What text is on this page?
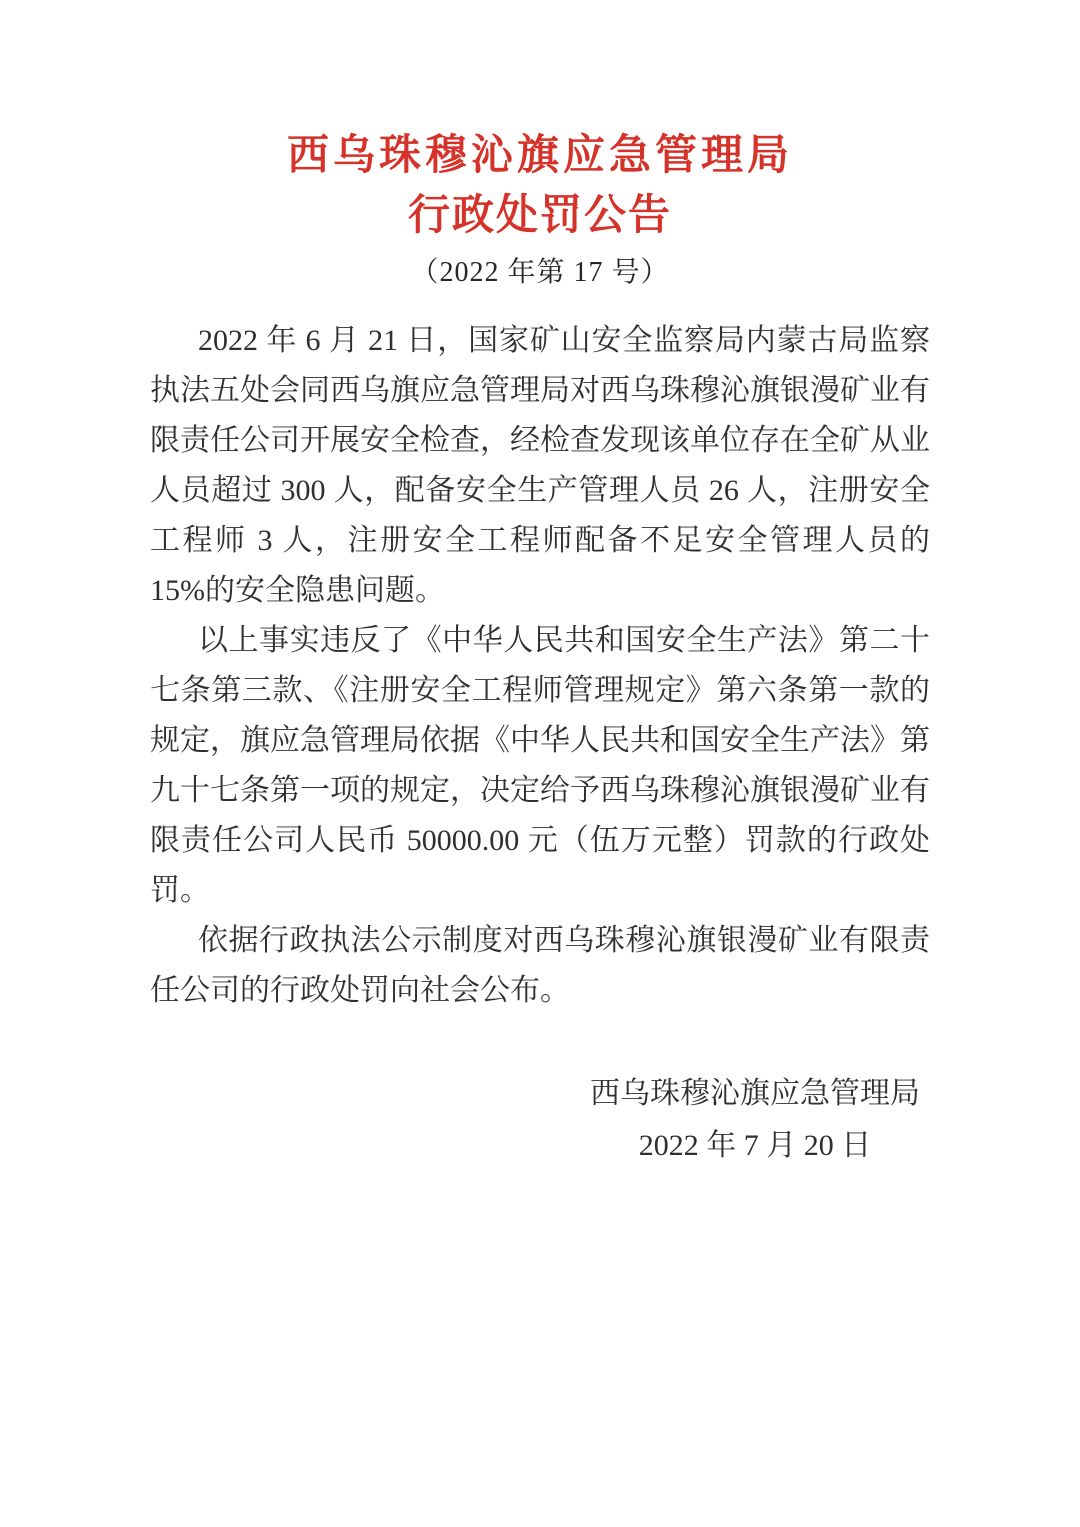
西乌珠穆沁旗应急管理局
行政处罚公告
（2022 年第 17 号）

2022 年 6 月 21 日，国家矿山安全监察局内蒙古局监察执法五处会同西乌旗应急管理局对西乌珠穆沁旗银漫矿业有限责任公司开展安全检查，经检查发现该单位存在全矿从业人员超过 300 人，配备安全生产管理人员 26 人，注册安全工程师 3 人，注册安全工程师配备不足安全管理人员的 15%的安全隐患问题。

以上事实违反了《中华人民共和国安全生产法》第二十七条第三款、《注册安全工程师管理规定》第六条第一款的规定，旗应急管理局依据《中华人民共和国安全生产法》第九十七条第一项的规定，决定给予西乌珠穆沁旗银漫矿业有限责任公司人民币 50000.00 元（伍万元整）罚款的行政处罚。

依据行政执法公示制度对西乌珠穆沁旗银漫矿业有限责任公司的行政处罚向社会公布。

西乌珠穆沁旗应急管理局
2022 年 7 月 20 日
